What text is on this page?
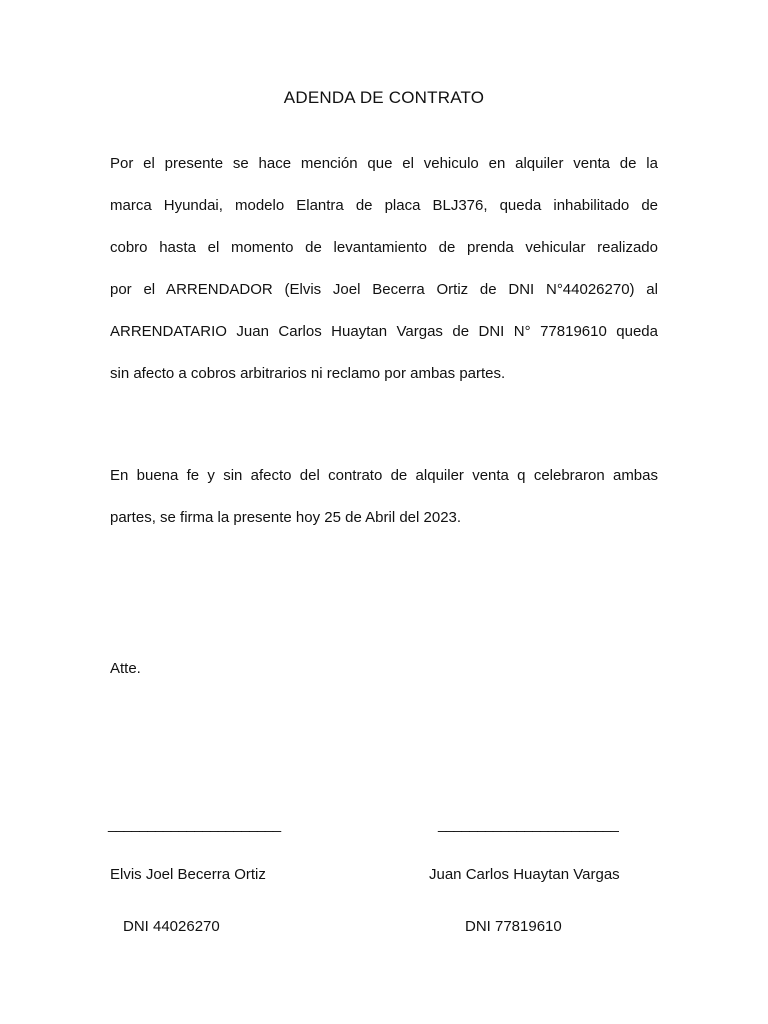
ADENDA DE CONTRATO
Por el presente se hace mención que el vehiculo en alquiler venta de la
marca Hyundai, modelo Elantra de placa BLJ376, queda inhabilitado de
cobro hasta el momento de levantamiento de prenda vehicular realizado
por el ARRENDADOR (Elvis Joel Becerra Ortiz de DNI N°44026270) al
ARRENDATARIO Juan Carlos Huaytan Vargas de DNI N° 77819610 queda
sin afecto a cobros arbitrarios ni reclamo por ambas partes.
En buena fe y sin afecto del contrato de alquiler venta q celebraron ambas
partes, se firma la presente hoy 25 de Abril del 2023.
Atte.
______________________	_______________________
Elvis Joel Becerra Ortiz	Juan Carlos Huaytan Vargas
DNI 44026270	DNI 77819610
